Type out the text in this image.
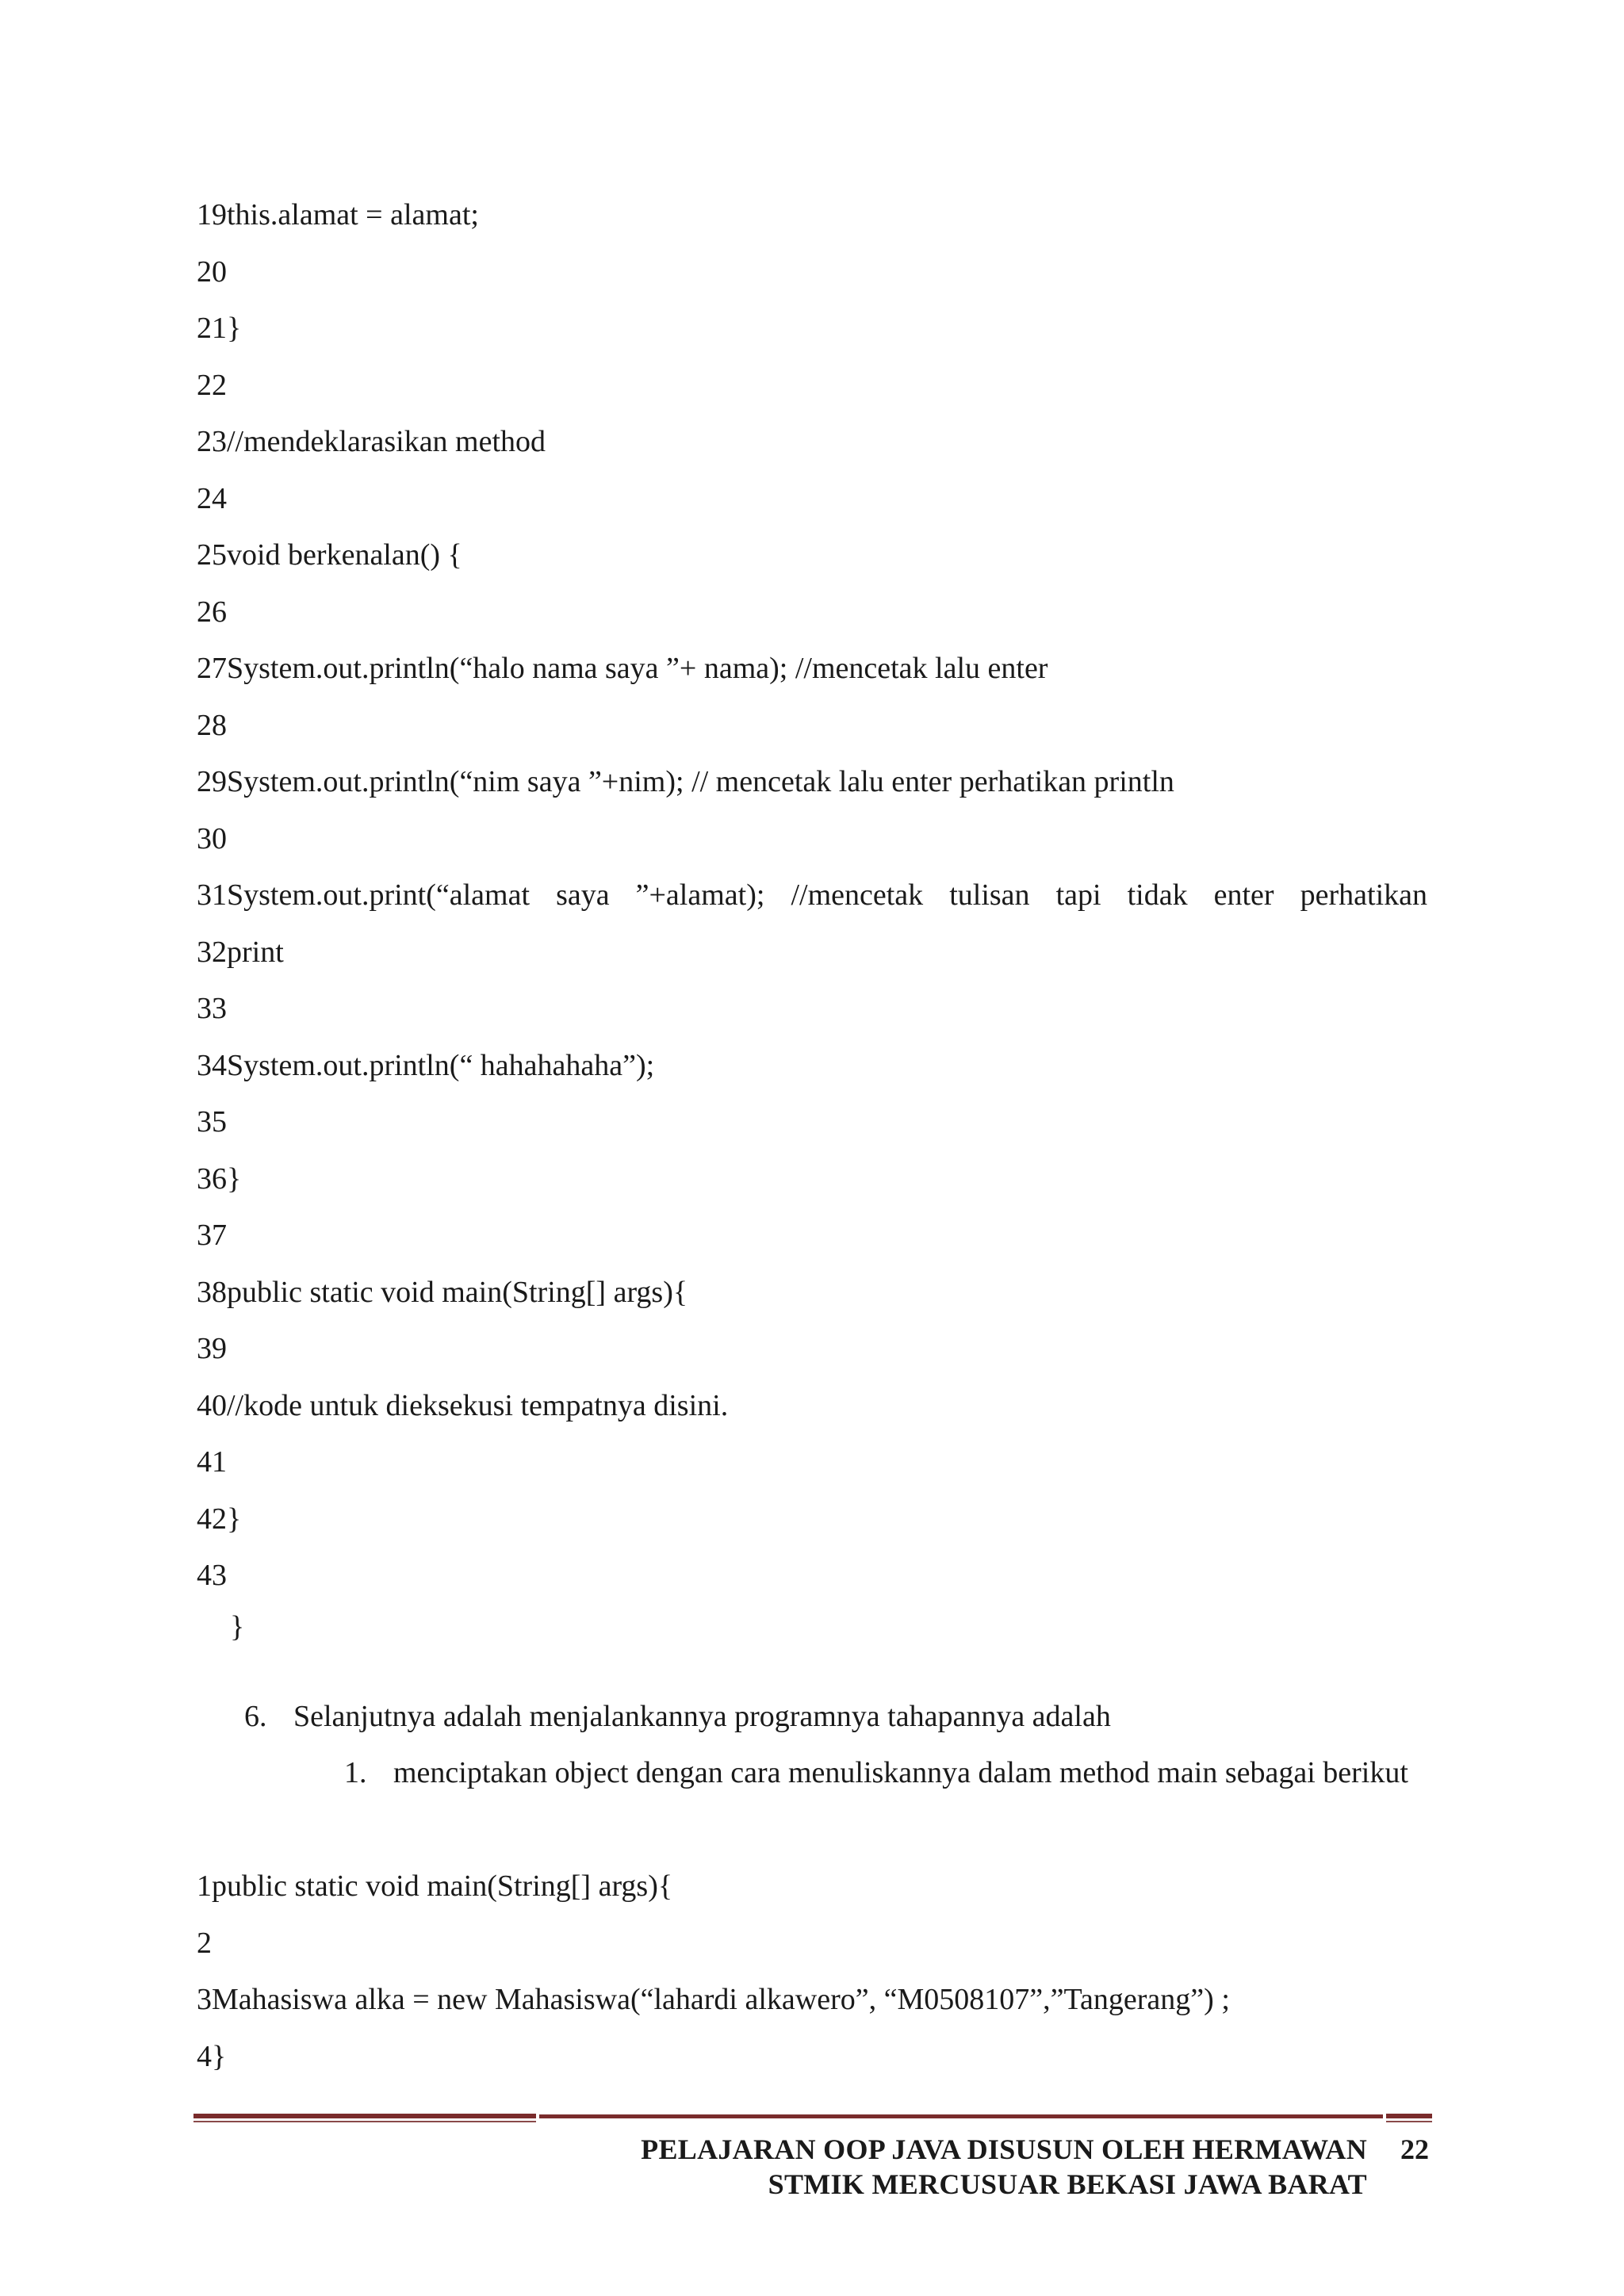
19this.alamat = alamat;
20
21}
22
23//mendeklarasikan method
24
25void berkenalan() {
26
27System.out.println(“halo nama saya ”+ nama); //mencetak lalu enter
28
29System.out.println(“nim saya ”+nim); // mencetak lalu enter perhatikan println
30
31System.out.print(“alamat saya ”+alamat); //mencetak tulisan tapi tidak enter perhatikan
32print
33
34System.out.println(“ hahahahaha”);
35
36}
37
38public static void main(String[] args){
39
40//kode untuk dieksekusi tempatnya disini.
41
42}
43
}
6. Selanjutnya adalah menjalankannya programnya tahapannya adalah
1. menciptakan object dengan cara menuliskannya dalam method main sebagai berikut
1public static void main(String[] args){
2
3Mahasiswa alka = new Mahasiswa(“lahardi alkawero”, “M0508107”,”Tangerang”) ;
4}
PELAJARAN OOP JAVA DISUSUN OLEH HERMAWAN
STMIK MERCUSUAR BEKASI JAWA BARAT
22
